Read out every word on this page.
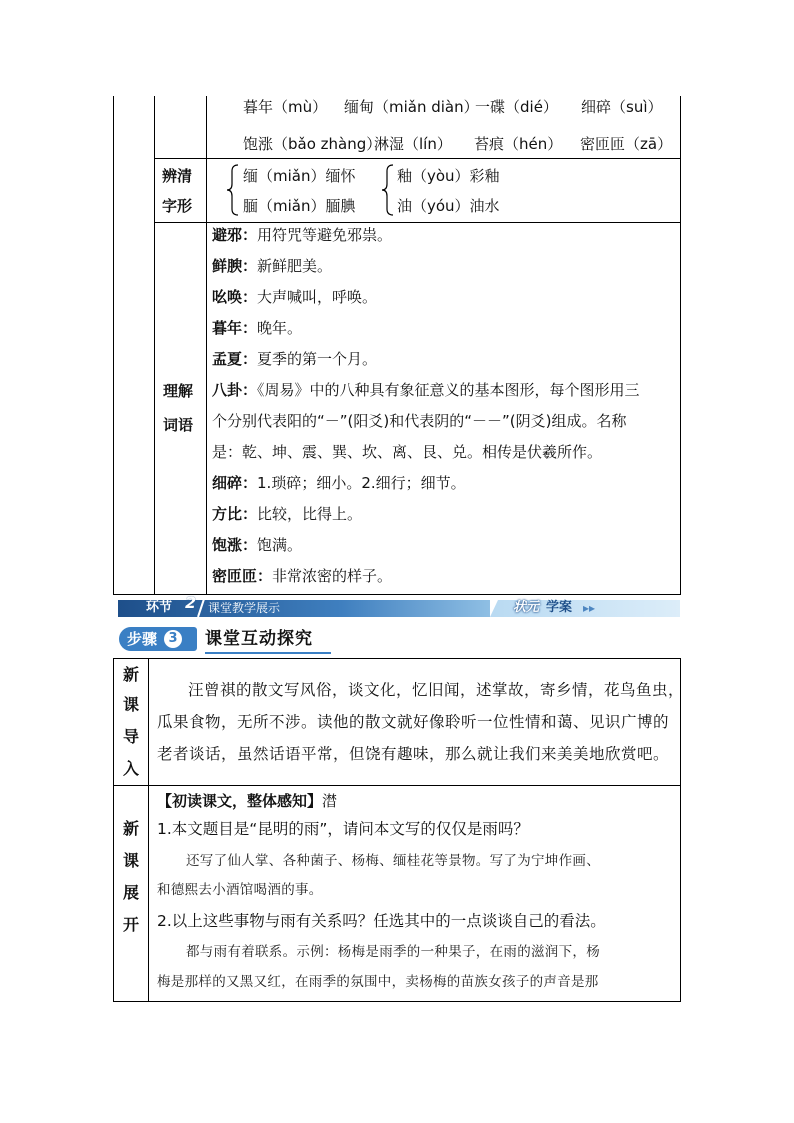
暮年（mù） 缅甸（miǎn diàn）
一碟（dié） 细碎（suì）
饱涨（bǎo zhàng）
淋湿（lín） 苔痕（hén） 密匝匝（zā）
辨清
字形
缅（miǎn）缅怀
腼（miǎn）腼腆
釉（yòu）彩釉
油（yóu）油水
理解
词语
避邪：用符咒等避免邪祟。
鲜腴：新鲜肥美。
吆唤：大声喊叫，呼唤。
暮年：晚年。
孟夏：夏季的第一个月。
八卦：《周易》中的八种具有象征意义的基本图形，每个图形用三
个分别代表阳的“－”(阳爻)和代表阴的“－－”(阴爻)组成。名称
是：乾、坤、震、巽、坎、离、艮、兑。相传是伏羲所作。
细碎：1.琐碎；细小。2.细行；细节。
方比：比较，比得上。
饱涨：饱满。
密匝匝：非常浓密的样子。
环节 2 课堂教学展示	状元 学案 ▸▸
步骤 3 课堂互动探究
新
课
导
入
汪曾祺的散文写风俗，谈文化，忆旧闻，述掌故，寄乡情，花鸟鱼虫，
瓜果食物，无所不涉。读他的散文就好像聆听一位性情和蔼、见识广博的
老者谈话，虽然话语平常，但饶有趣味，那么就让我们来美美地欣赏吧。
新
课
展
开
【初读课文，整体感知】澘
1.本文题目是“昆明的雨”，请问本文写的仅仅是雨吗？
还写了仙人掌、各种菌子、杨梅、缅桂花等景物。写了为宁坤作画、
和德熙去小酒馆喝酒的事。
2.以上这些事物与雨有关系吗？任选其中的一点谈谈自己的看法。
都与雨有着联系。示例：杨梅是雨季的一种果子，在雨的滋润下，杨
梅是那样的又黑又红，在雨季的氛围中，卖杨梅的苗族女孩子的声音是那
